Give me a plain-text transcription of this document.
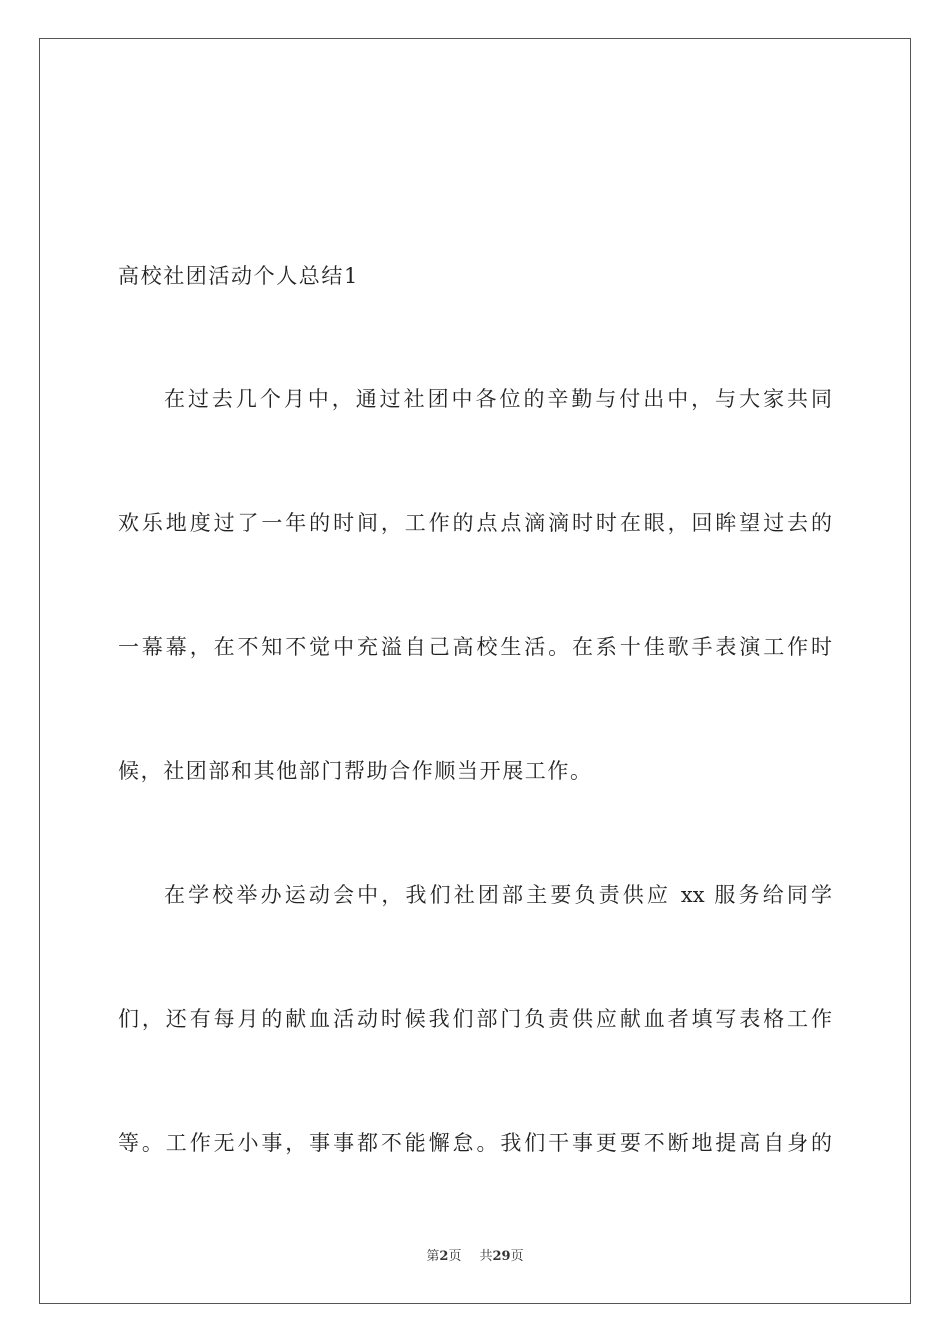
高校社团活动个人总结1
在过去几个月中，通过社团中各位的辛勤与付出中，与大家共同
欢乐地度过了一年的时间，工作的点点滴滴时时在眼，回眸望过去的
一幕幕，在不知不觉中充溢自己高校生活。在系十佳歌手表演工作时
候，社团部和其他部门帮助合作顺当开展工作。
在学校举办运动会中，我们社团部主要负责供应 xx 服务给同学
们，还有每月的献血活动时候我们部门负责供应献血者填写表格工作
等。工作无小事，事事都不能懈怠。我们干事更要不断地提高自身的
第2页 共29页
